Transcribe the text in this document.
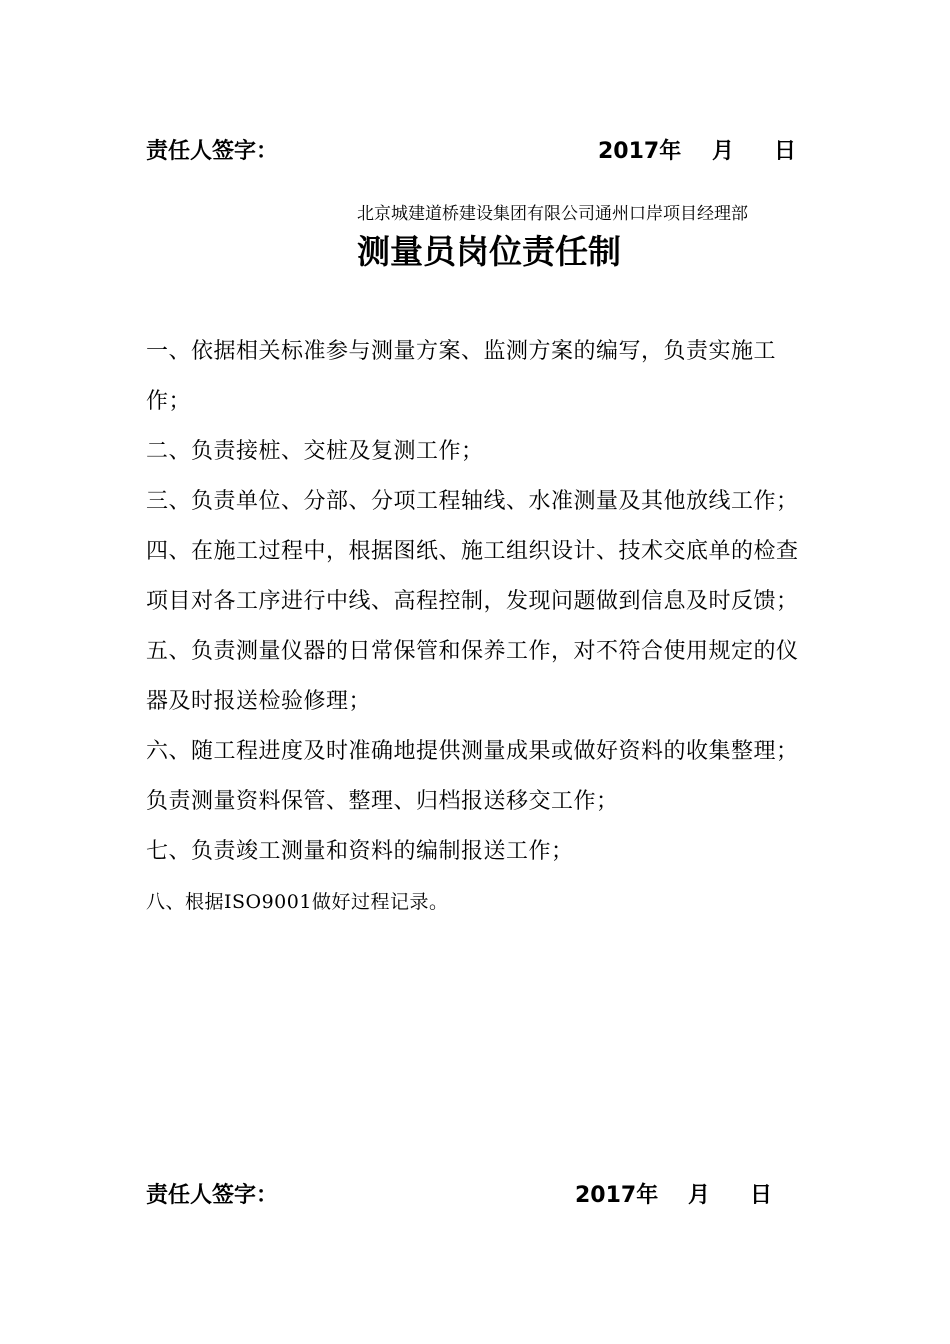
责任人签字：	2017年 月 日
北京城建道桥建设集团有限公司通州口岸项目经理部
测量员岗位责任制
一、依据相关标准参与测量方案、监测方案的编写，负责实施工作；
二、负责接桩、交桩及复测工作；
三、负责单位、分部、分项工程轴线、水准测量及其他放线工作；
四、在施工过程中，根据图纸、施工组织设计、技术交底单的检查项目对各工序进行中线、高程控制，发现问题做到信息及时反馈；
五、负责测量仪器的日常保管和保养工作，对不符合使用规定的仪器及时报送检验修理；
六、随工程进度及时准确地提供测量成果或做好资料的收集整理；负责测量资料保管、整理、归档报送移交工作；
七、负责竣工测量和资料的编制报送工作；
八、根据ISO9001做好过程记录。
责任人签字：	2017年 月 日
